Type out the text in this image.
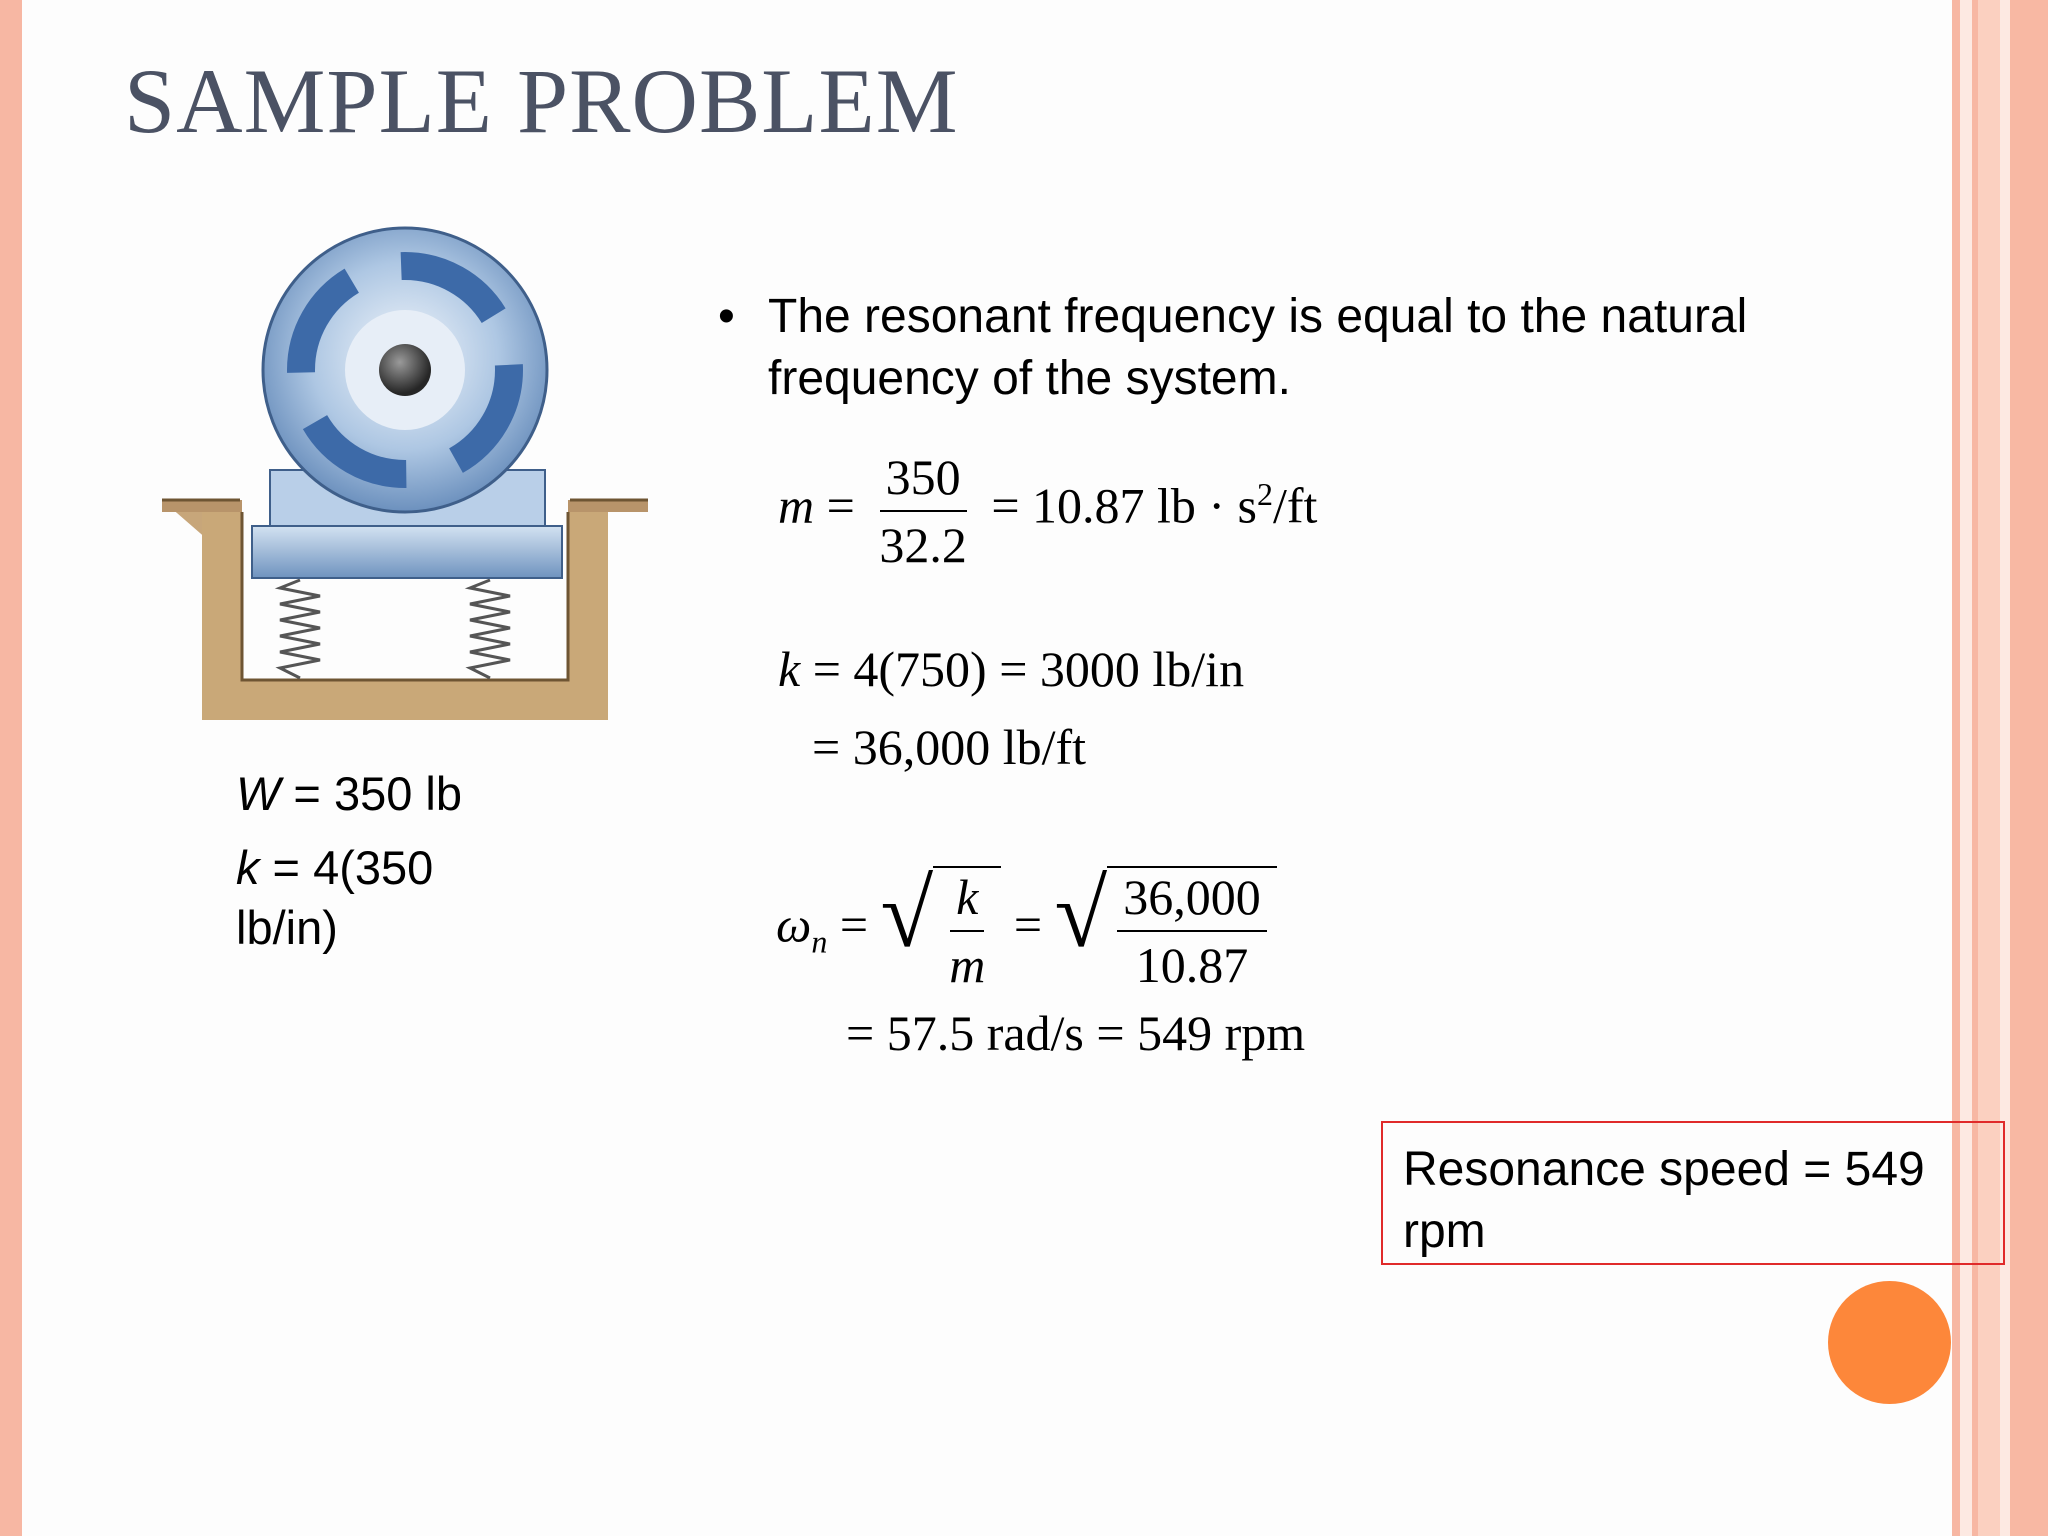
SAMPLE PROBLEM
W = 350 lb
k = 4(350
lb/in)
• The resonant frequency is equal to the natural frequency of the system.
$m = \frac{350}{32.2} = 10.87$ lb · $s^2/ft$
k = 4(750) = 3000 lb/in
= 36,000 lb/ft
$\omega_n$ = √ $\frac{k}{m}$ = √ $\frac{36,000}{10.87}$
= 57.5 rad/s = 549 rpm
Resonance speed = 549 rpm
